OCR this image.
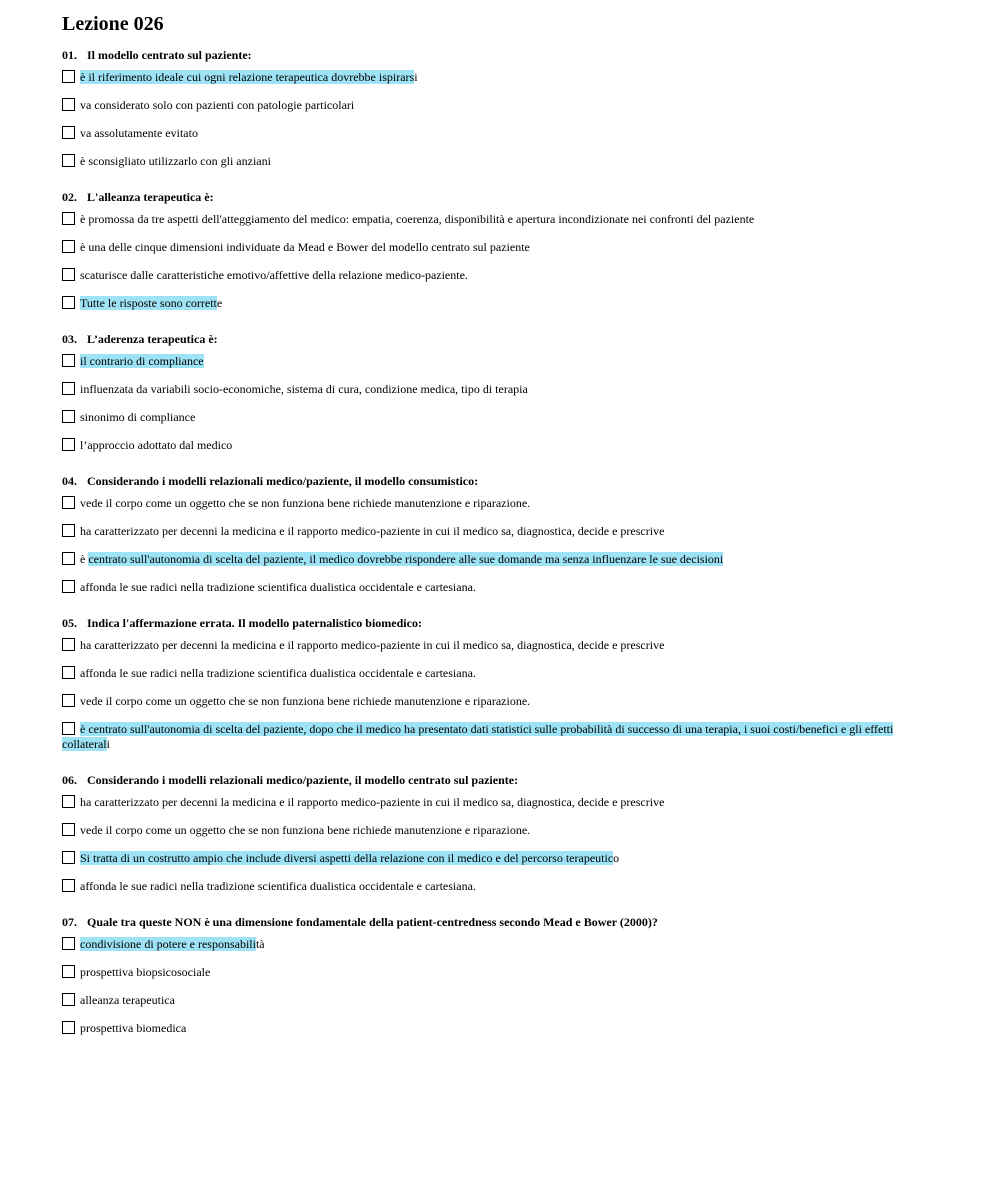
Lezione 026
01. Il modello centrato sul paziente:
è il riferimento ideale cui ogni relazione terapeutica dovrebbe ispirarsi
va considerato solo con pazienti con patologie particolari
va assolutamente evitato
è sconsigliato utilizzarlo con gli anziani
02. L'alleanza terapeutica è:
è promossa da tre aspetti dell'atteggiamento del medico: empatia, coerenza, disponibilità e apertura incondizionate nei confronti del paziente
è una delle cinque dimensioni individuate da Mead e Bower del modello centrato sul paziente
scaturisce dalle caratteristiche emotivo/affettive della relazione medico-paziente.
Tutte le risposte sono corrette
03. L’aderenza terapeutica è:
il contrario di compliance
influenzata da variabili socio-economiche, sistema di cura, condizione medica, tipo di terapia
sinonimo di compliance
l’approccio adottato dal medico
04. Considerando i modelli relazionali medico/paziente, il modello consumistico:
vede il corpo come un oggetto che se non funziona bene richiede manutenzione e riparazione.
ha caratterizzato per decenni la medicina e il rapporto medico-paziente in cui il medico sa, diagnostica, decide e prescrive
è centrato sull'autonomia di scelta del paziente, il medico dovrebbe rispondere alle sue domande ma senza influenzare le sue decisioni
affonda le sue radici nella tradizione scientifica dualistica occidentale e cartesiana.
05. Indica l'affermazione errata. Il modello paternalistico biomedico:
ha caratterizzato per decenni la medicina e il rapporto medico-paziente in cui il medico sa, diagnostica, decide e prescrive
affonda le sue radici nella tradizione scientifica dualistica occidentale e cartesiana.
vede il corpo come un oggetto che se non funziona bene richiede manutenzione e riparazione.
è centrato sull'autonomia di scelta del paziente, dopo che il medico ha presentato dati statistici sulle probabilità di successo di una terapia, i suoi costi/benefici e gli effetti collaterali
06. Considerando i modelli relazionali medico/paziente, il modello centrato sul paziente:
ha caratterizzato per decenni la medicina e il rapporto medico-paziente in cui il medico sa, diagnostica, decide e prescrive
vede il corpo come un oggetto che se non funziona bene richiede manutenzione e riparazione.
Si tratta di un costrutto ampio che include diversi aspetti della relazione con il medico e del percorso terapeutico
affonda le sue radici nella tradizione scientifica dualistica occidentale e cartesiana.
07. Quale tra queste NON è una dimensione fondamentale della patient-centredness secondo Mead e Bower (2000)?
condivisione di potere e responsabilità
prospettiva biopsicosociale
alleanza terapeutica
prospettiva biomedica
